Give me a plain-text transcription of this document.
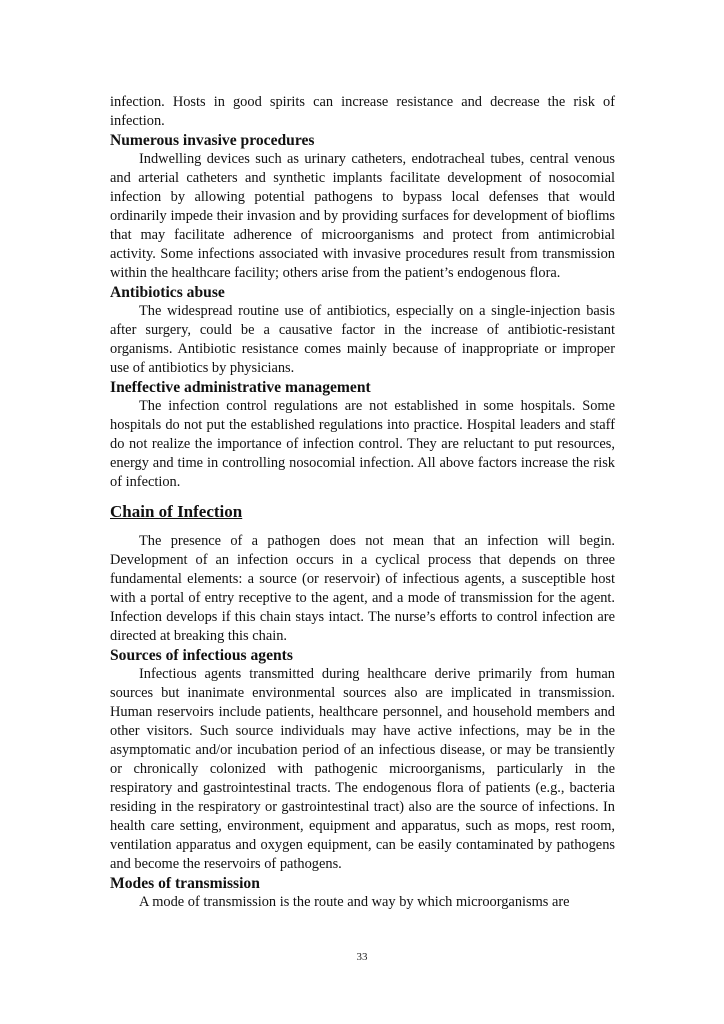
infection. Hosts in good spirits can increase resistance and decrease the risk of infection.

Numerous invasive procedures

Indwelling devices such as urinary catheters, endotracheal tubes, central venous and arterial catheters and synthetic implants facilitate development of nosocomial infection by allowing potential pathogens to bypass local defenses that would ordinarily impede their invasion and by providing surfaces for development of bioflims that may facilitate adherence of microorganisms and protect from antimicrobial activity. Some infections associated with invasive procedures result from transmission within the healthcare facility; others arise from the patient’s endogenous flora.

Antibiotics abuse

The widespread routine use of antibiotics, especially on a single-injection basis after surgery, could be a causative factor in the increase of antibiotic-resistant organisms. Antibiotic resistance comes mainly because of inappropriate or improper use of antibiotics by physicians.

Ineffective administrative management

The infection control regulations are not established in some hospitals. Some hospitals do not put the established regulations into practice. Hospital leaders and staff do not realize the importance of infection control. They are reluctant to put resources, energy and time in controlling nosocomial infection. All above factors increase the risk of infection.

Chain of Infection

The presence of a pathogen does not mean that an infection will begin. Development of an infection occurs in a cyclical process that depends on three fundamental elements: a source (or reservoir) of infectious agents, a susceptible host with a portal of entry receptive to the agent, and a mode of transmission for the agent. Infection develops if this chain stays intact. The nurse’s efforts to control infection are directed at breaking this chain.

Sources of infectious agents

Infectious agents transmitted during healthcare derive primarily from human sources but inanimate environmental sources also are implicated in transmission. Human reservoirs include patients, healthcare personnel, and household members and other visitors. Such source individuals may have active infections, may be in the asymptomatic and/or incubation period of an infectious disease, or may be transiently or chronically colonized with pathogenic microorganisms, particularly in the respiratory and gastrointestinal tracts. The endogenous flora of patients (e.g., bacteria residing in the respiratory or gastrointestinal tract) also are the source of infections. In health care setting, environment, equipment and apparatus, such as mops, rest room, ventilation apparatus and oxygen equipment, can be easily contaminated by pathogens and become the reservoirs of pathogens.

Modes of transmission

A mode of transmission is the route and way by which microorganisms are

33
